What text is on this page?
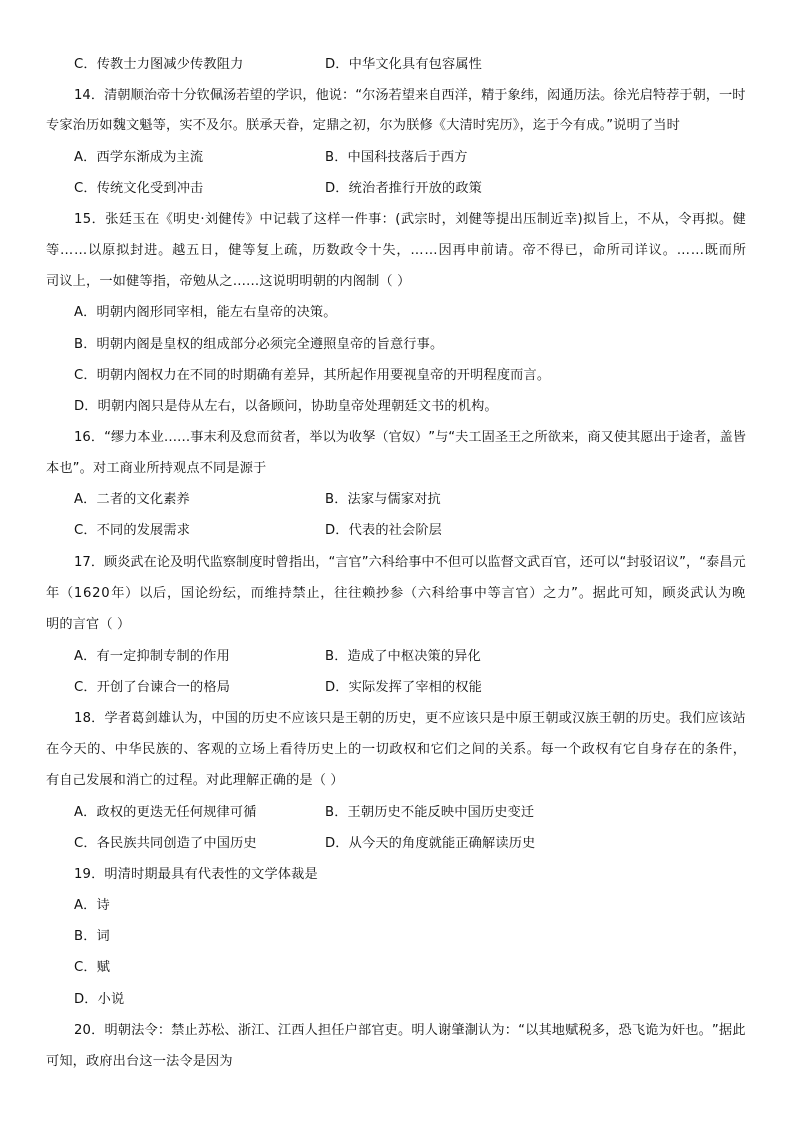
C．传教士力图减少传教阻力	D．中华文化具有包容属性
1 4 ． 清 朝 顺 治 帝 十 分 钦 佩 汤 若 望 的 学 识 ， 他 说 ： “ 尔 汤 若 望 来 自 西 洋 ， 精 于 象 纬 ， 闳 通 历 法 。 徐 光 启 特 荐 于 朝 ， 一 时
专家治历如魏文魁等，实不及尔。朕承天眷，定鼎之初，尔为朕修《大清时宪历》，迄于今有成。”说明了当时
A．西学东渐成为主流	B．中国科技落后于西方
C．传统文化受到冲击	D．统治者推行开放的政策
1 5 ． 张 廷 玉 在 《 明 史 · 刘 健 传 》 中 记 载 了 这 样 一 件 事 ： ( 武 宗 时 ， 刘 健 等 提 出 压 制 近 幸 ) 拟 旨 上 ， 不 从 ， 令 再 拟 。 健
等 … … 以 原 拟 封 进 。 越 五 日 ， 健 等 复 上 疏 ， 历 数 政 令 十 失 ， … … 因 再 申 前 请 。 帝 不 得 已 ， 命 所 司 详 议 。 … … 既 而 所
司议上，一如健等指，帝勉从之……这说明明朝的内阁制（ ）
A．明朝内阁形同宰相，能左右皇帝的决策。
B．明朝内阁是皇权的组成部分必须完全遵照皇帝的旨意行事。
C．明朝内阁权力在不同的时期确有差异，其所起作用要视皇帝的开明程度而言。
D．明朝内阁只是侍从左右，以备顾问，协助皇帝处理朝廷文书的机构。
1 6 ． “ 缪 力 本 业 … … 事 末 利 及 怠 而 贫 者 ， 举 以 为 收 孥 （ 官 奴 ） ” 与 “ 夫 工 固 圣 王 之 所 欲 来 ， 商 又 使 其 愿 出 于 途 者 ， 盖 皆
本也”。对工商业所持观点不同是源于
A．二者的文化素养	B．法家与儒家对抗
C．不同的发展需求	D．代表的社会阶层
1 7 ． 顾 炎 武 在 论 及 明 代 监 察 制 度 时 曾 指 出 ， “ 言 官 ” 六 科 给 事 中 不 但 可 以 监 督 文 武 百 官 ， 还 可 以 “ 封 驳 诏 议 ” ， “ 泰 昌 元
年 （ 1 6 2 0 年 ） 以 后 ， 国 论 纷 纭 ， 而 维 持 禁 止 ， 往 往 赖 抄 参 （ 六 科 给 事 中 等 言 官 ） 之 力 ” 。 据 此 可 知 ， 顾 炎 武 认 为 晚
明的言官（ ）
A．有一定抑制专制的作用	B．造成了中枢决策的异化
C．开创了台谏合一的格局	D．实际发挥了宰相的权能
1 8 ． 学 者 葛 剑 雄 认 为 ， 中 国 的 历 史 不 应 该 只 是 王 朝 的 历 史 ， 更 不 应 该 只 是 中 原 王 朝 或 汉 族 王 朝 的 历 史 。 我 们 应 该 站
在 今 天 的 、 中 华 民 族 的 、 客 观 的 立 场 上 看 待 历 史 上 的 一 切 政 权 和 它 们 之 间 的 关 系 。 每 一 个 政 权 有 它 自 身 存 在 的 条 件 ，
有自己发展和消亡的过程。对此理解正确的是（ ）
A．政权的更迭无任何规律可循	B．王朝历史不能反映中国历史变迁
C．各民族共同创造了中国历史	D．从今天的角度就能正确解读历史
19．明清时期最具有代表性的文学体裁是
A．诗
B．词
C．赋
D．小说
2 0 ． 明 朝 法 令 ： 禁 止 苏 松 、 浙 江 、 江 西 人 担 任 户 部 官 吏 。 明 人 谢 肇 淛 认 为 ： “ 以 其 地 赋 税 多 ， 恐 飞 诡 为 奸 也 。 ” 据 此
可知，政府出台这一法令是因为
